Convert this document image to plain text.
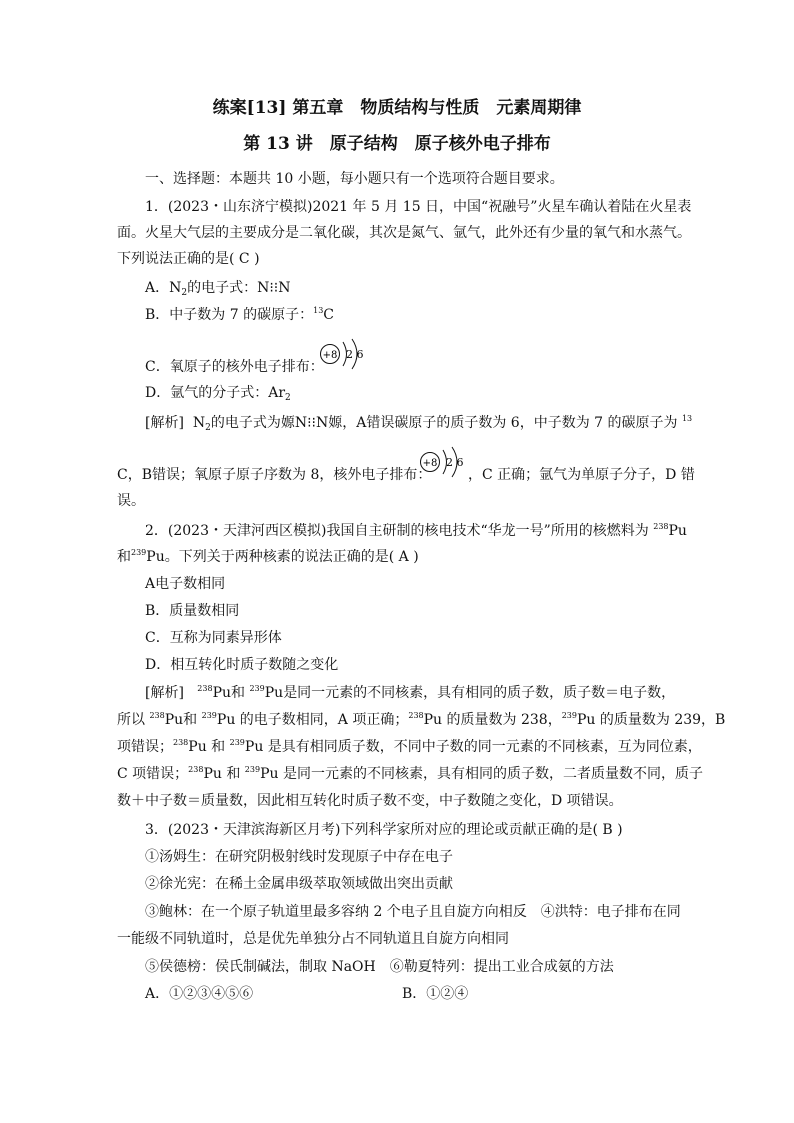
练案[13] 第五章　物质结构与性质　元素周期律
第 13 讲　原子结构　原子核外电子排布
一、选择题：本题共 10 小题，每小题只有一个选项符合题目要求。
1．(2023・山东济宁模拟)2021 年 5 月 15 日，中国“祝融号”火星车确认着陆在火星表
面。火星大气层的主要成分是二氧化碳，其次是氮气、氩气，此外还有少量的氧气和水蒸气。
下列说法正确的是( C )
A．$N_2$的电子式：N⁝⁝N
B．中子数为 7 的碳原子：$^{13}$C
C．氧原子的核外电子排布：
+8 2 6
D．氩气的分子式：$Ar_2$
[解析] $N_2$的电子式为嫄N⁝⁝N嫄，A错误碳原子的质子数为 6，中子数为 7 的碳原子为 $^{13}$
C，B错误；氧原子原子序数为 8，核外电子排布：
+8 2 6
，C 正确；氩气为单原子分子，D 错
误。
2．(2023・天津河西区模拟)我国自主研制的核电技术“华龙一号”所用的核燃料为 $^{238}$Pu
和$^{239}$Pu。下列关于两种核素的说法正确的是( A )
A电子数相同
B．质量数相同
C．互称为同素异形体
D．相互转化时质子数随之变化
[解析] $^{238}$Pu和 $^{239}$Pu是同一元素的不同核素，具有相同的质子数，质子数＝电子数，
所以 $^{238}$Pu和 $^{239}$Pu 的电子数相同，A 项正确；$^{238}$Pu 的质量数为 238，$^{239}$Pu 的质量数为 239，B
项错误；$^{238}$Pu 和 $^{239}$Pu 是具有相同质子数，不同中子数的同一元素的不同核素，互为同位素，
C 项错误；$^{238}$Pu 和 $^{239}$Pu 是同一元素的不同核素，具有相同的质子数，二者质量数不同，质子
数＋中子数＝质量数，因此相互转化时质子数不变，中子数随之变化，D 项错误。
3．(2023・天津滨海新区月考)下列科学家所对应的理论或贡献正确的是( B )
①汤姆生：在研究阴极射线时发现原子中存在电子
②徐光宪：在稀土金属串级萃取领域做出突出贡献
③鲍林：在一个原子轨道里最多容纳 2 个电子且自旋方向相反　④洪特：电子排布在同
一能级不同轨道时，总是优先单独分占不同轨道且自旋方向相同
⑤侯德榜：侯氏制碱法，制取 NaOH　⑥勒夏特列：提出工业合成氨的方法
A．①②③④⑤⑥	B．①②④
